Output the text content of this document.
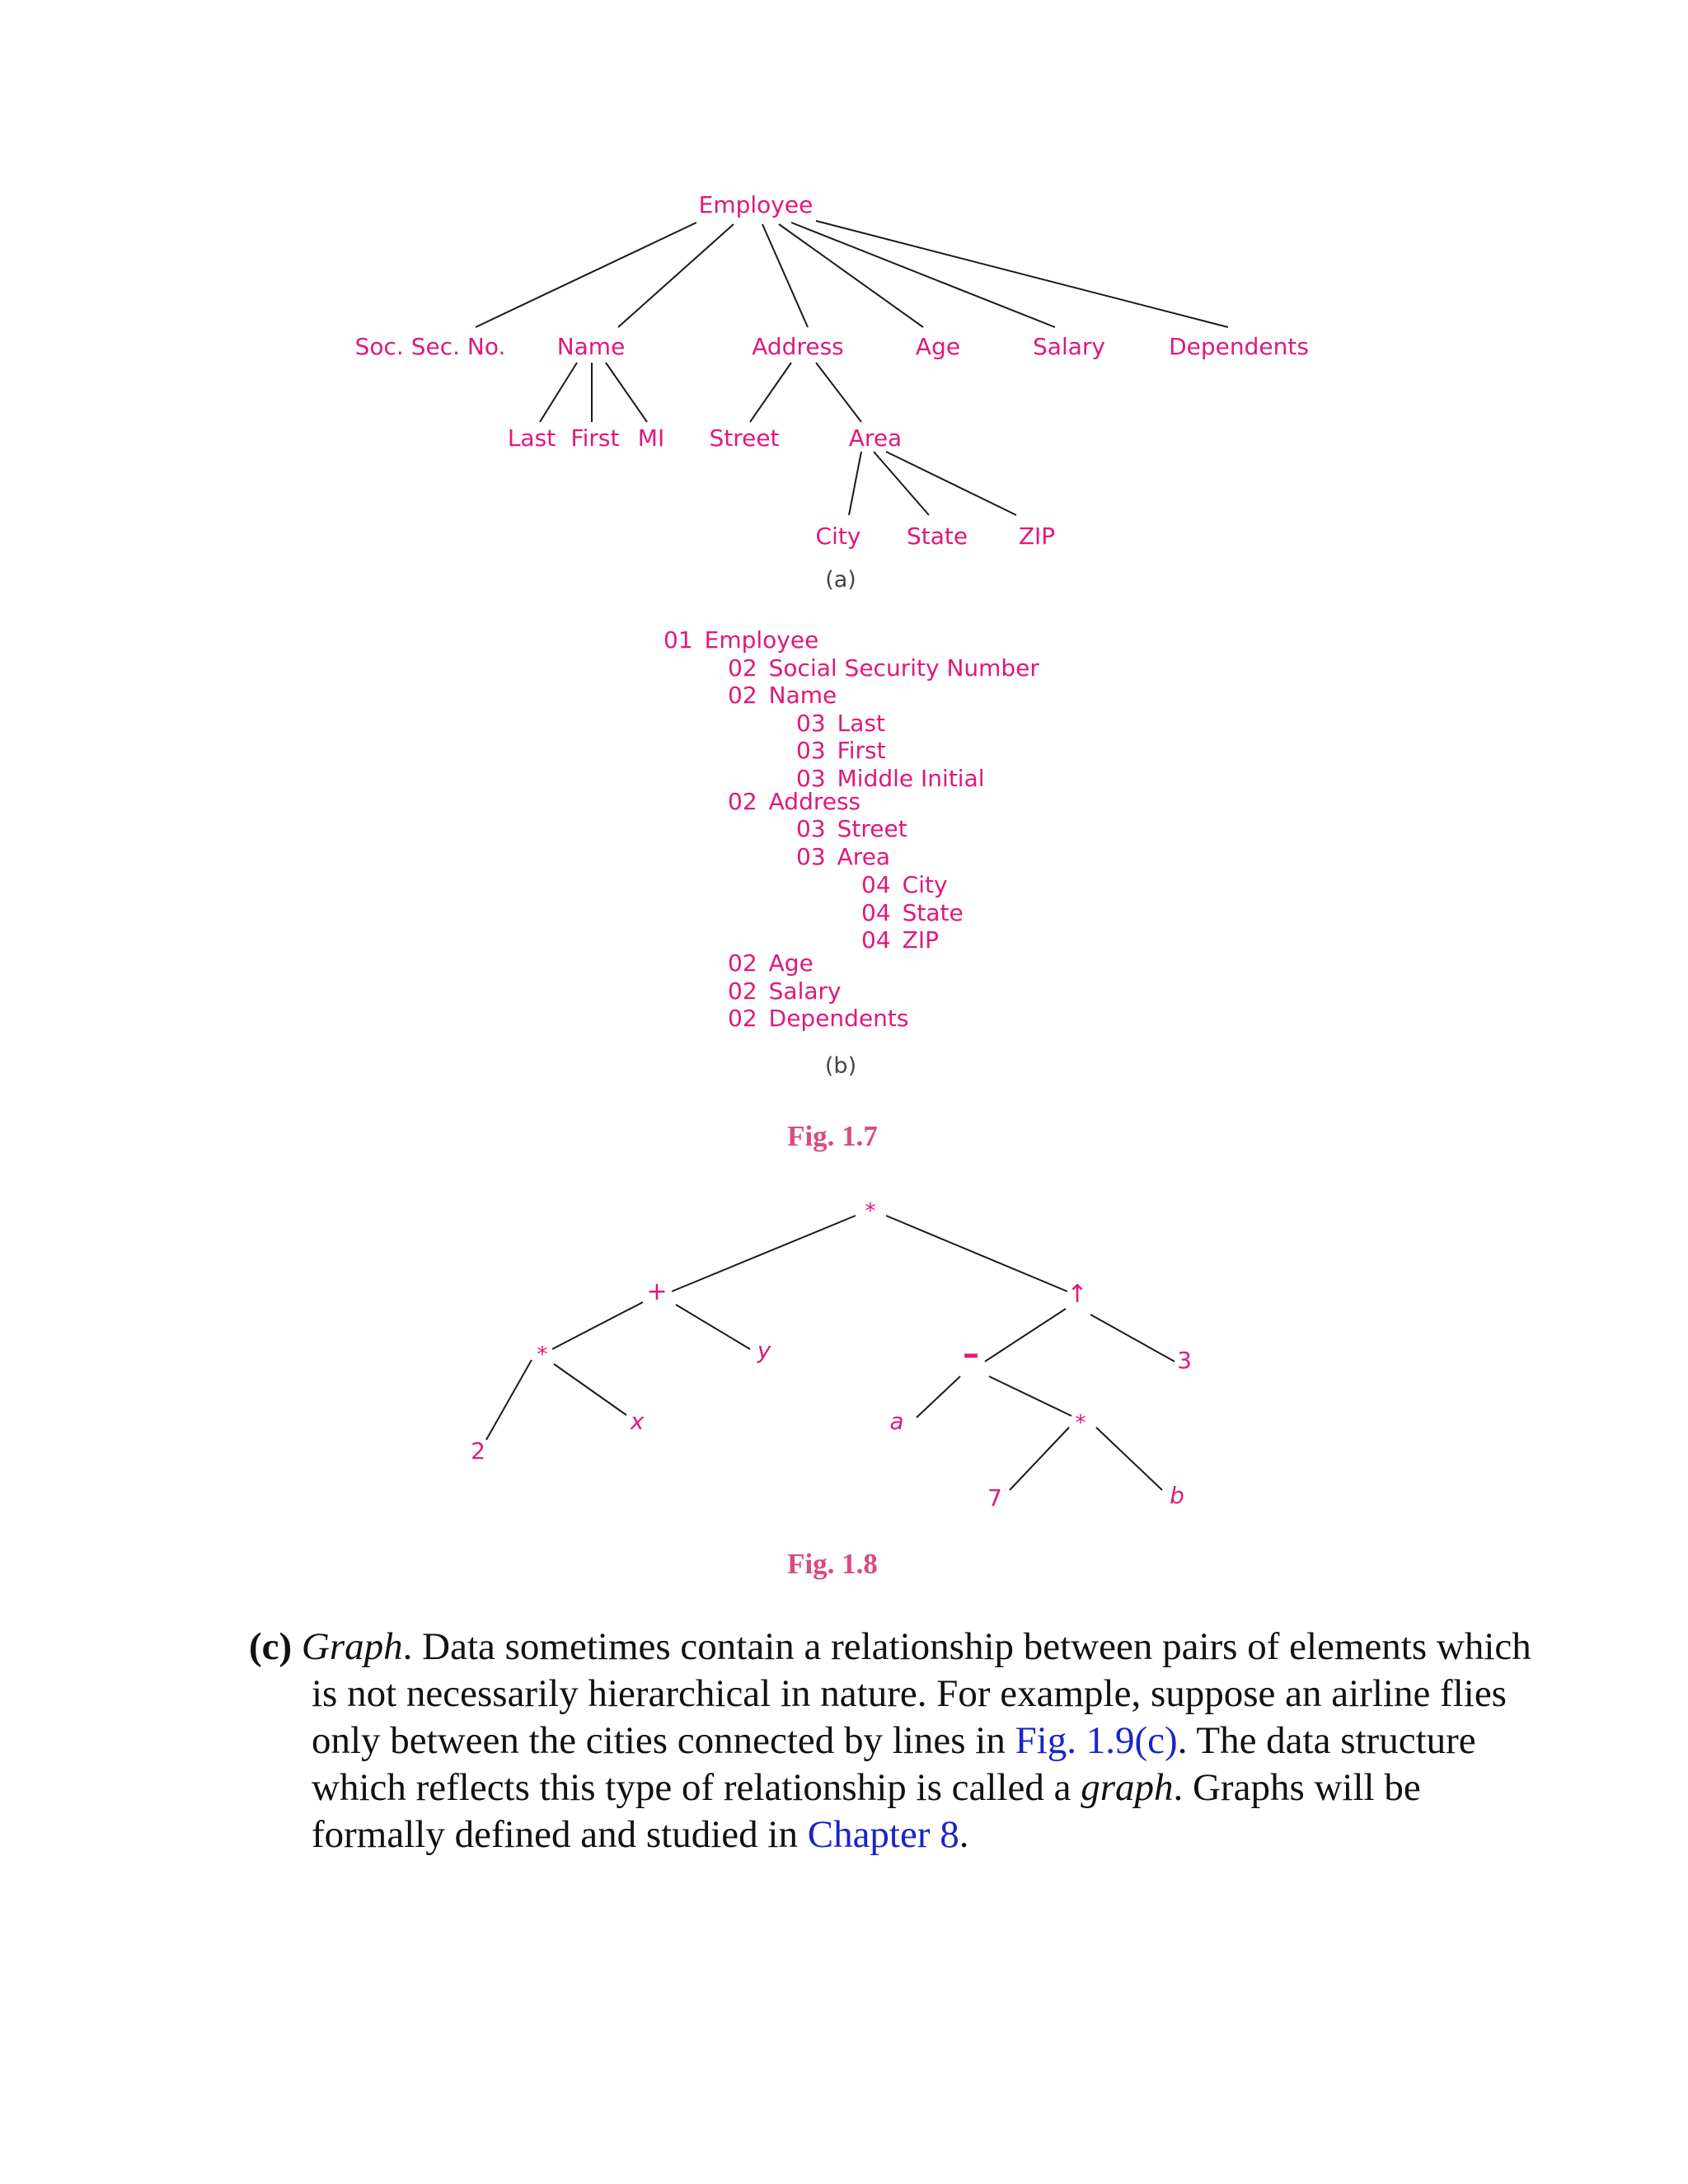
Employee
Soc. Sec. No. Name	Address	Age	Salary	Dependents
Last First MI Street	Area
City State ZIP
(a)
01 Employee
02 Social Security Number
02 Name
03 Last
03 First
03 Middle Initial
02 Address
03 Street
03 Area
04 City
04 State
04 ZIP
02 Age
02 Salary
02 Dependents
(b)
Fig. 1.7
*
+	↑
*	y	–	3
2
x	a	*
7	b
Fig. 1.8
(c) Graph. Data sometimes contain a relationship between pairs of elements which is not necessarily hierarchical in nature. For example, suppose an airline flies only between the cities connected by lines in Fig. 1.9(c). The data structure which reflects this type of relationship is called a graph. Graphs will be formally defined and studied in Chapter 8.
